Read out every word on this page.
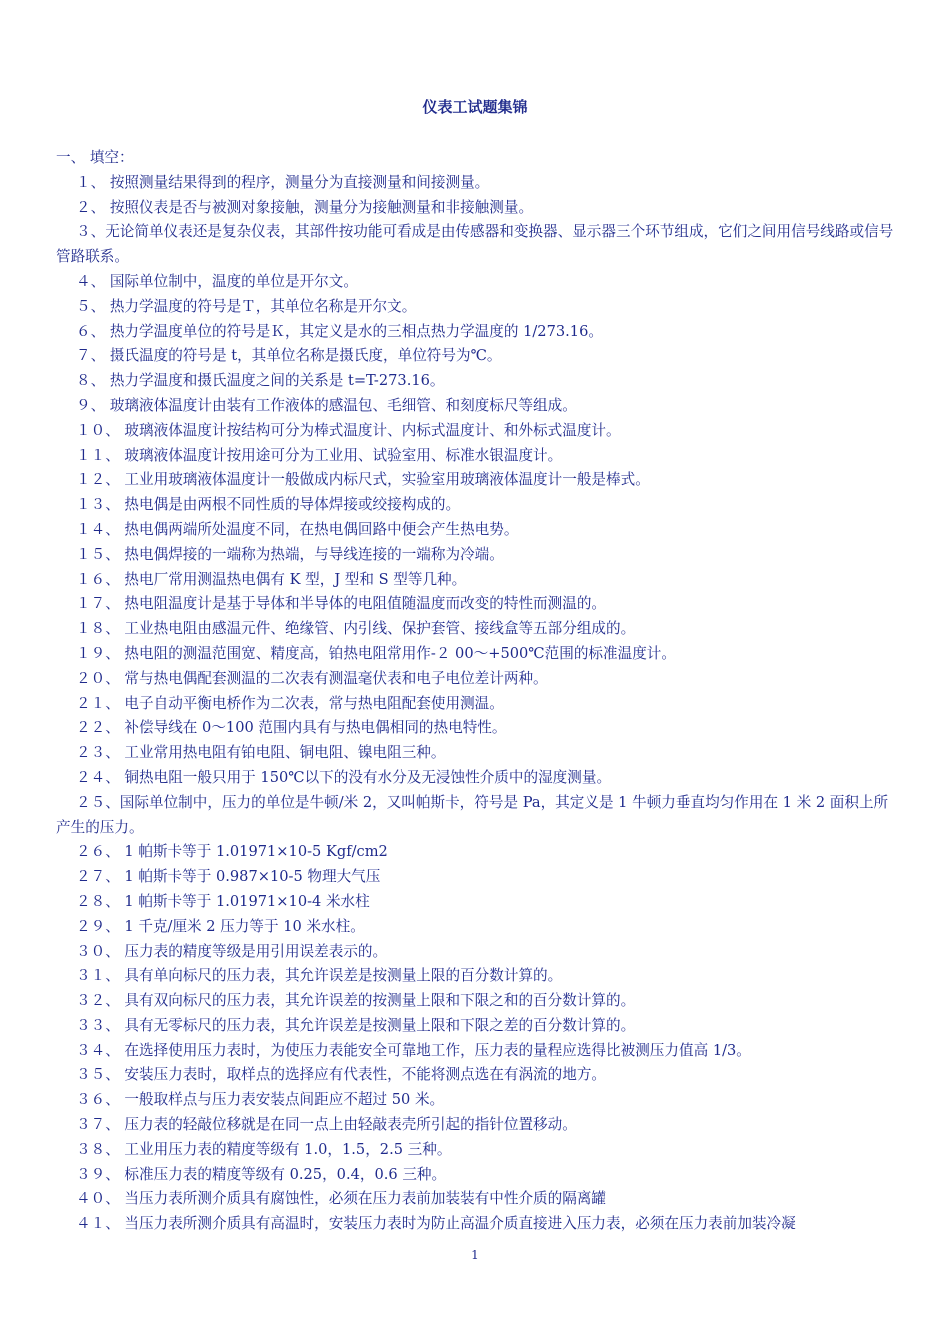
仪表工试题集锦

一、 填空：

１、 按照测量结果得到的程序，测量分为直接测量和间接测量。

２、 按照仪表是否与被测对象接触，测量分为接触测量和非接触测量。

３、无论简单仪表还是复杂仪表，其部件按功能可看成是由传感器和变换器、显示器三个环节组成，它们之间用信号线路或信号管路联系。

４、 国际单位制中，温度的单位是开尔文。

５、 热力学温度的符号是Ｔ，其单位名称是开尔文。

６、 热力学温度单位的符号是Ｋ，其定义是水的三相点热力学温度的 1/273.16。

７、 摄氏温度的符号是 t，其单位名称是摄氏度，单位符号为℃。

８、 热力学温度和摄氏温度之间的关系是 t=T-273.16。

９、 玻璃液体温度计由装有工作液体的感温包、毛细管、和刻度标尺等组成。

１０、 玻璃液体温度计按结构可分为棒式温度计、内标式温度计、和外标式温度计。

１１、 玻璃液体温度计按用途可分为工业用、试验室用、标准水银温度计。

１２、 工业用玻璃液体温度计一般做成内标尺式，实验室用玻璃液体温度计一般是棒式。

１３、 热电偶是由两根不同性质的导体焊接或绞接构成的。

１４、 热电偶两端所处温度不同，在热电偶回路中便会产生热电势。

１５、 热电偶焊接的一端称为热端，与导线连接的一端称为冷端。

１６、 热电厂常用测温热电偶有 K 型，J 型和 S 型等几种。

１７、 热电阻温度计是基于导体和半导体的电阻值随温度而改变的特性而测温的。

１８、 工业热电阻由感温元件、绝缘管、内引线、保护套管、接线盒等五部分组成的。

１９、 热电阻的测温范围宽、精度高，铂热电阻常用作-２ 00～+500℃范围的标准温度计。

２０、 常与热电偶配套测温的二次表有测温毫伏表和电子电位差计两种。

２１、 电子自动平衡电桥作为二次表，常与热电阻配套使用测温。

２２、 补偿导线在 0～100 范围内具有与热电偶相同的热电特性。

２３、 工业常用热电阻有铂电阻、铜电阻、镍电阻三种。

２４、 铜热电阻一般只用于 150℃以下的没有水分及无浸蚀性介质中的湿度测量。

２５、国际单位制中，压力的单位是牛顿/米 2，又叫帕斯卡，符号是 Pa，其定义是 1 牛顿力垂直均匀作用在 1 米 2 面积上所产生的压力。

２６、 1 帕斯卡等于 1.01971×10-5 Kgf/cm2

２７、 1 帕斯卡等于 0.987×10-5 物理大气压

２８、 1 帕斯卡等于 1.01971×10-4 米水柱

２９、 1 千克/厘米 2 压力等于 10 米水柱。

３０、 压力表的精度等级是用引用误差表示的。

３１、 具有单向标尺的压力表，其允许误差是按测量上限的百分数计算的。

３２、 具有双向标尺的压力表，其允许误差的按测量上限和下限之和的百分数计算的。

３３、 具有无零标尺的压力表，其允许误差是按测量上限和下限之差的百分数计算的。

３４、 在选择使用压力表时，为使压力表能安全可靠地工作，压力表的量程应选得比被测压力值高 1/3。

３５、 安装压力表时，取样点的选择应有代表性，不能将测点选在有涡流的地方。

３６、 一般取样点与压力表安装点间距应不超过 50 米。

３７、 压力表的轻敲位移就是在同一点上由轻敲表壳所引起的指针位置移动。

３８、 工业用压力表的精度等级有 1.0，1.5，2.5 三种。

３９、 标准压力表的精度等级有 0.25，0.4，0.6 三种。

４０、 当压力表所测介质具有腐蚀性，必须在压力表前加装装有中性介质的隔离罐

４１、 当压力表所测介质具有高温时，安装压力表时为防止高温介质直接进入压力表，必须在压力表前加装冷凝

1
